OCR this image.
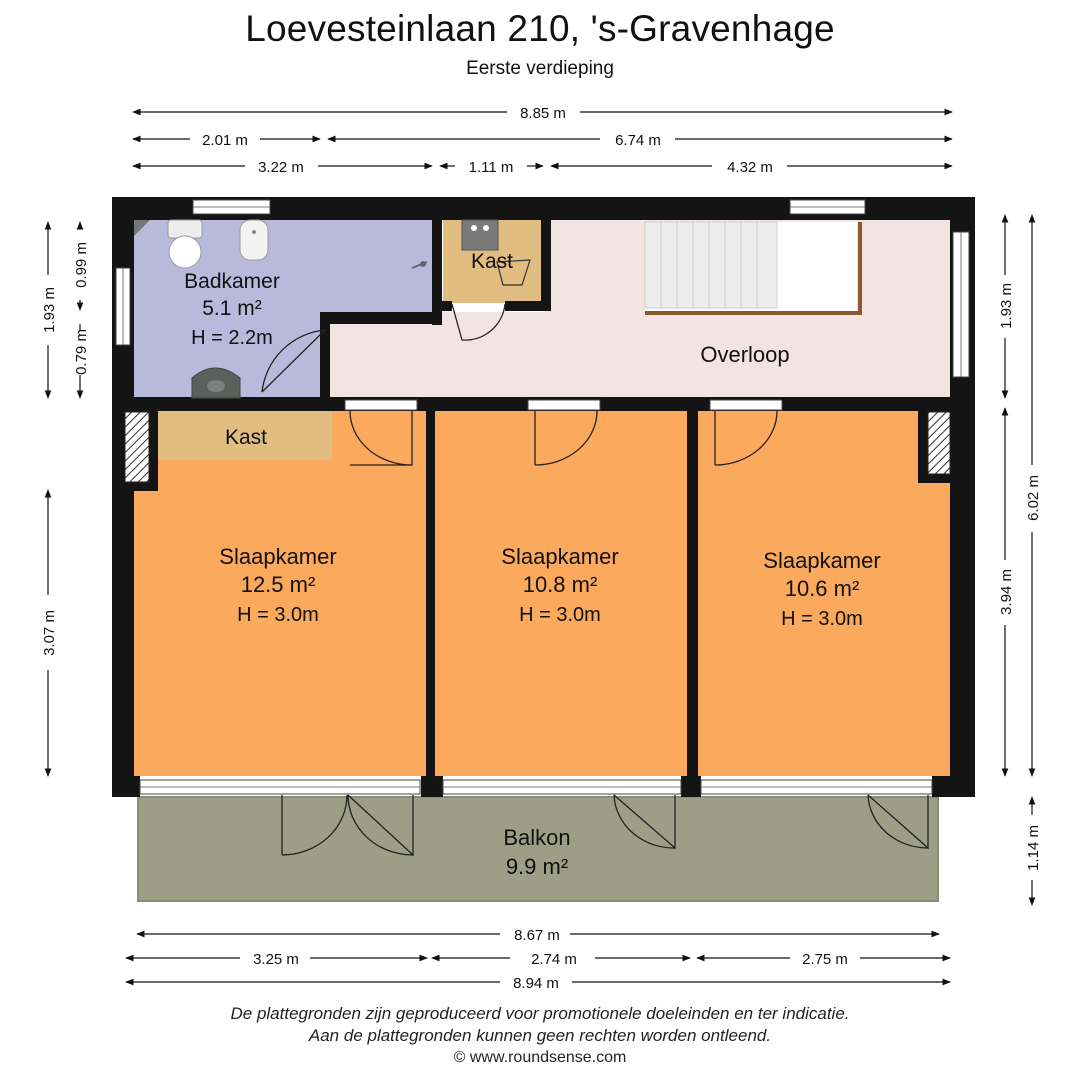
Loevesteinlaan 210, 's-Gravenhage
Eerste verdieping
Badkamer
5.1 m²
H = 2.2m
Kast
Overloop
Kast
Slaapkamer
12.5 m²
H = 3.0m
Slaapkamer
10.8 m²
H = 3.0m
Slaapkamer
10.6 m²
H = 3.0m
Balkon
9.9 m²
8.85 m
2.01 m	6.74 m
3.22 m	1.11 m	4.32 m
1.93 m
0.99 m
0.79 m
3.07 m
1.93 m
6.02 m
3.94 m
1.14 m
8.67 m
3.25 m	2.74 m	2.75 m
8.94 m
De plattegronden zijn geproduceerd voor promotionele doeleinden en ter indicatie.
Aan de plattegronden kunnen geen rechten worden ontleend.
© www.roundsense.com
